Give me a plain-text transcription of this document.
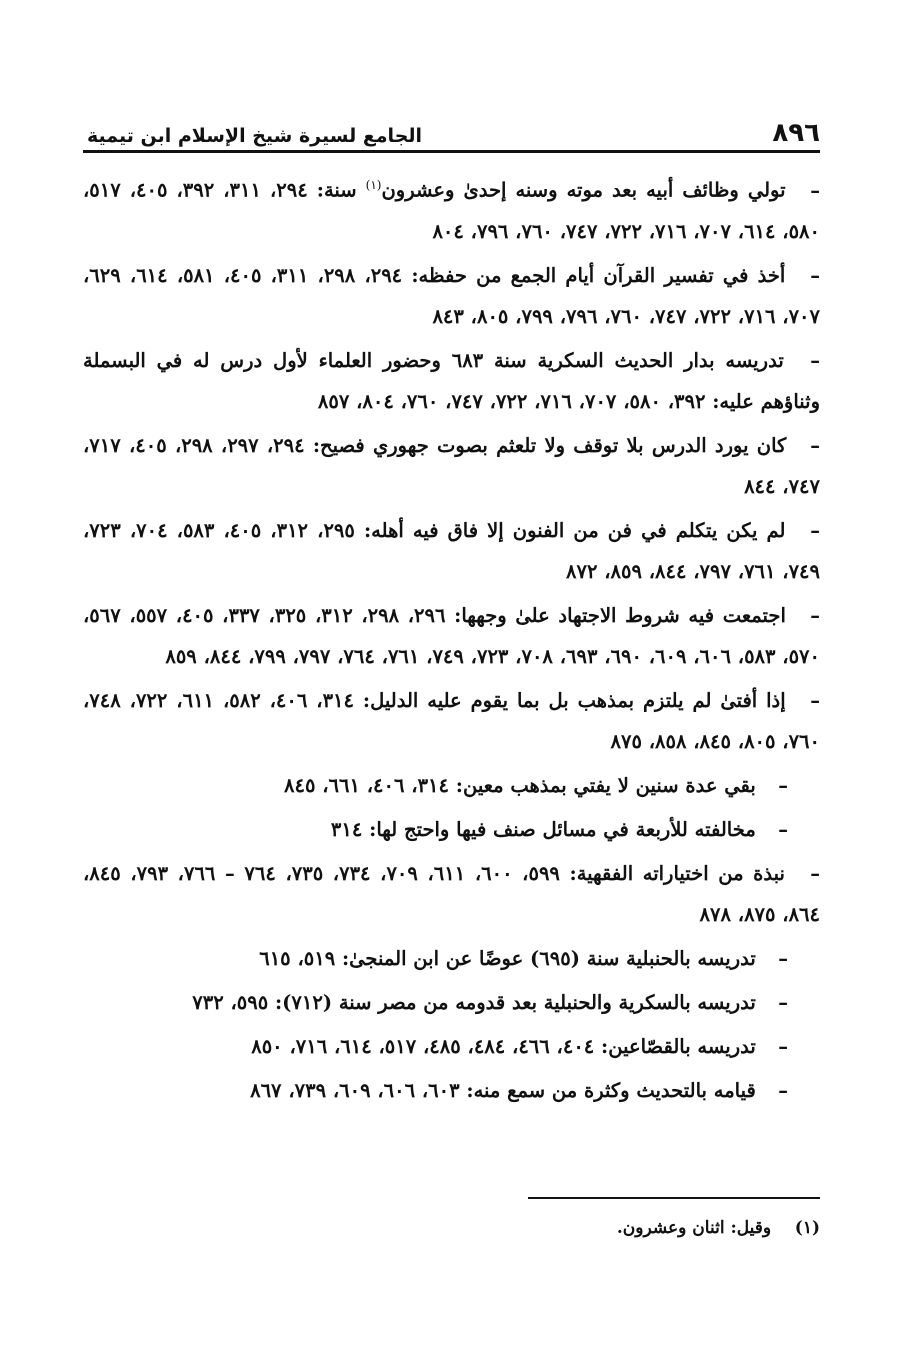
٨٩٦
الجامع لسيرة شيخ الإسلام ابن تيمية
– تولي وظائف أبيه بعد موته وسنه إحدىٰ وعشرون$^{(١)}$ سنة: ٢٩٤، ٣١١، ٣٩٢، ٤٠٥، ٥١٧، ٥٨٠، ٦١٤، ٧٠٧، ٧١٦، ٧٢٢، ٧٤٧، ٧٦٠، ٧٩٦، ٨٠٤
– أخذ في تفسير القرآن أيام الجمع من حفظه: ٢٩٤، ٢٩٨، ٣١١، ٤٠٥، ٥٨١، ٦١٤، ٦٢٩، ٧٠٧، ٧١٦، ٧٢٢، ٧٤٧، ٧٦٠، ٧٩٦، ٧٩٩، ٨٠٥، ٨٤٣
– تدريسه بدار الحديث السكرية سنة ٦٨٣ وحضور العلماء لأول درس له في البسملة وثناؤهم عليه: ٣٩٢، ٥٨٠، ٧٠٧، ٧١٦، ٧٢٢، ٧٤٧، ٧٦٠، ٨٠٤، ٨٥٧
– كان يورد الدرس بلا توقف ولا تلعثم بصوت جهوري فصيح: ٢٩٤، ٢٩٧، ٢٩٨، ٤٠٥، ٧١٧، ٧٤٧، ٨٤٤
– لم يكن يتكلم في فن من الفنون إلا فاق فيه أهله: ٢٩٥، ٣١٢، ٤٠٥، ٥٨٣، ٧٠٤، ٧٢٣، ٧٤٩، ٧٦١، ٧٩٧، ٨٤٤، ٨٥٩، ٨٧٢
– اجتمعت فيه شروط الاجتهاد علىٰ وجهها: ٢٩٦، ٢٩٨، ٣١٢، ٣٢٥، ٣٣٧، ٤٠٥، ٥٥٧، ٥٦٧، ٥٧٠، ٥٨٣، ٦٠٦، ٦٠٩، ٦٩٠، ٦٩٣، ٧٠٨، ٧٢٣، ٧٤٩، ٧٦١، ٧٦٤، ٧٩٧، ٧٩٩، ٨٤٤، ٨٥٩
– إذا أفتىٰ لم يلتزم بمذهب بل بما يقوم عليه الدليل: ٣١٤، ٤٠٦، ٥٨٢، ٦١١، ٧٢٢، ٧٤٨، ٧٦٠، ٨٠٥، ٨٤٥، ٨٥٨، ٨٧٥
– بقي عدة سنين لا يفتي بمذهب معين: ٣١٤، ٤٠٦، ٦٦١، ٨٤٥
– مخالفته للأربعة في مسائل صنف فيها واحتج لها: ٣١٤
– نبذة من اختياراته الفقهية: ٥٩٩، ٦٠٠، ٦١١، ٧٠٩، ٧٣٤، ٧٣٥، ٧٦٤ – ٧٦٦، ٧٩٣، ٨٤٥، ٨٦٤، ٨٧٥، ٨٧٨
– تدريسه بالحنبلية سنة (٦٩٥) عوضًا عن ابن المنجىٰ: ٥١٩، ٦١٥
– تدريسه بالسكرية والحنبلية بعد قدومه من مصر سنة (٧١٢): ٥٩٥، ٧٣٢
– تدريسه بالقصّاعين: ٤٠٤، ٤٦٦، ٤٨٤، ٤٨٥، ٥١٧، ٦١٤، ٧١٦، ٨٥٠
– قيامه بالتحديث وكثرة من سمع منه: ٦٠٣، ٦٠٦، ٦٠٩، ٧٣٩، ٨٦٧
(١)    وقيل: اثنان وعشرون.
